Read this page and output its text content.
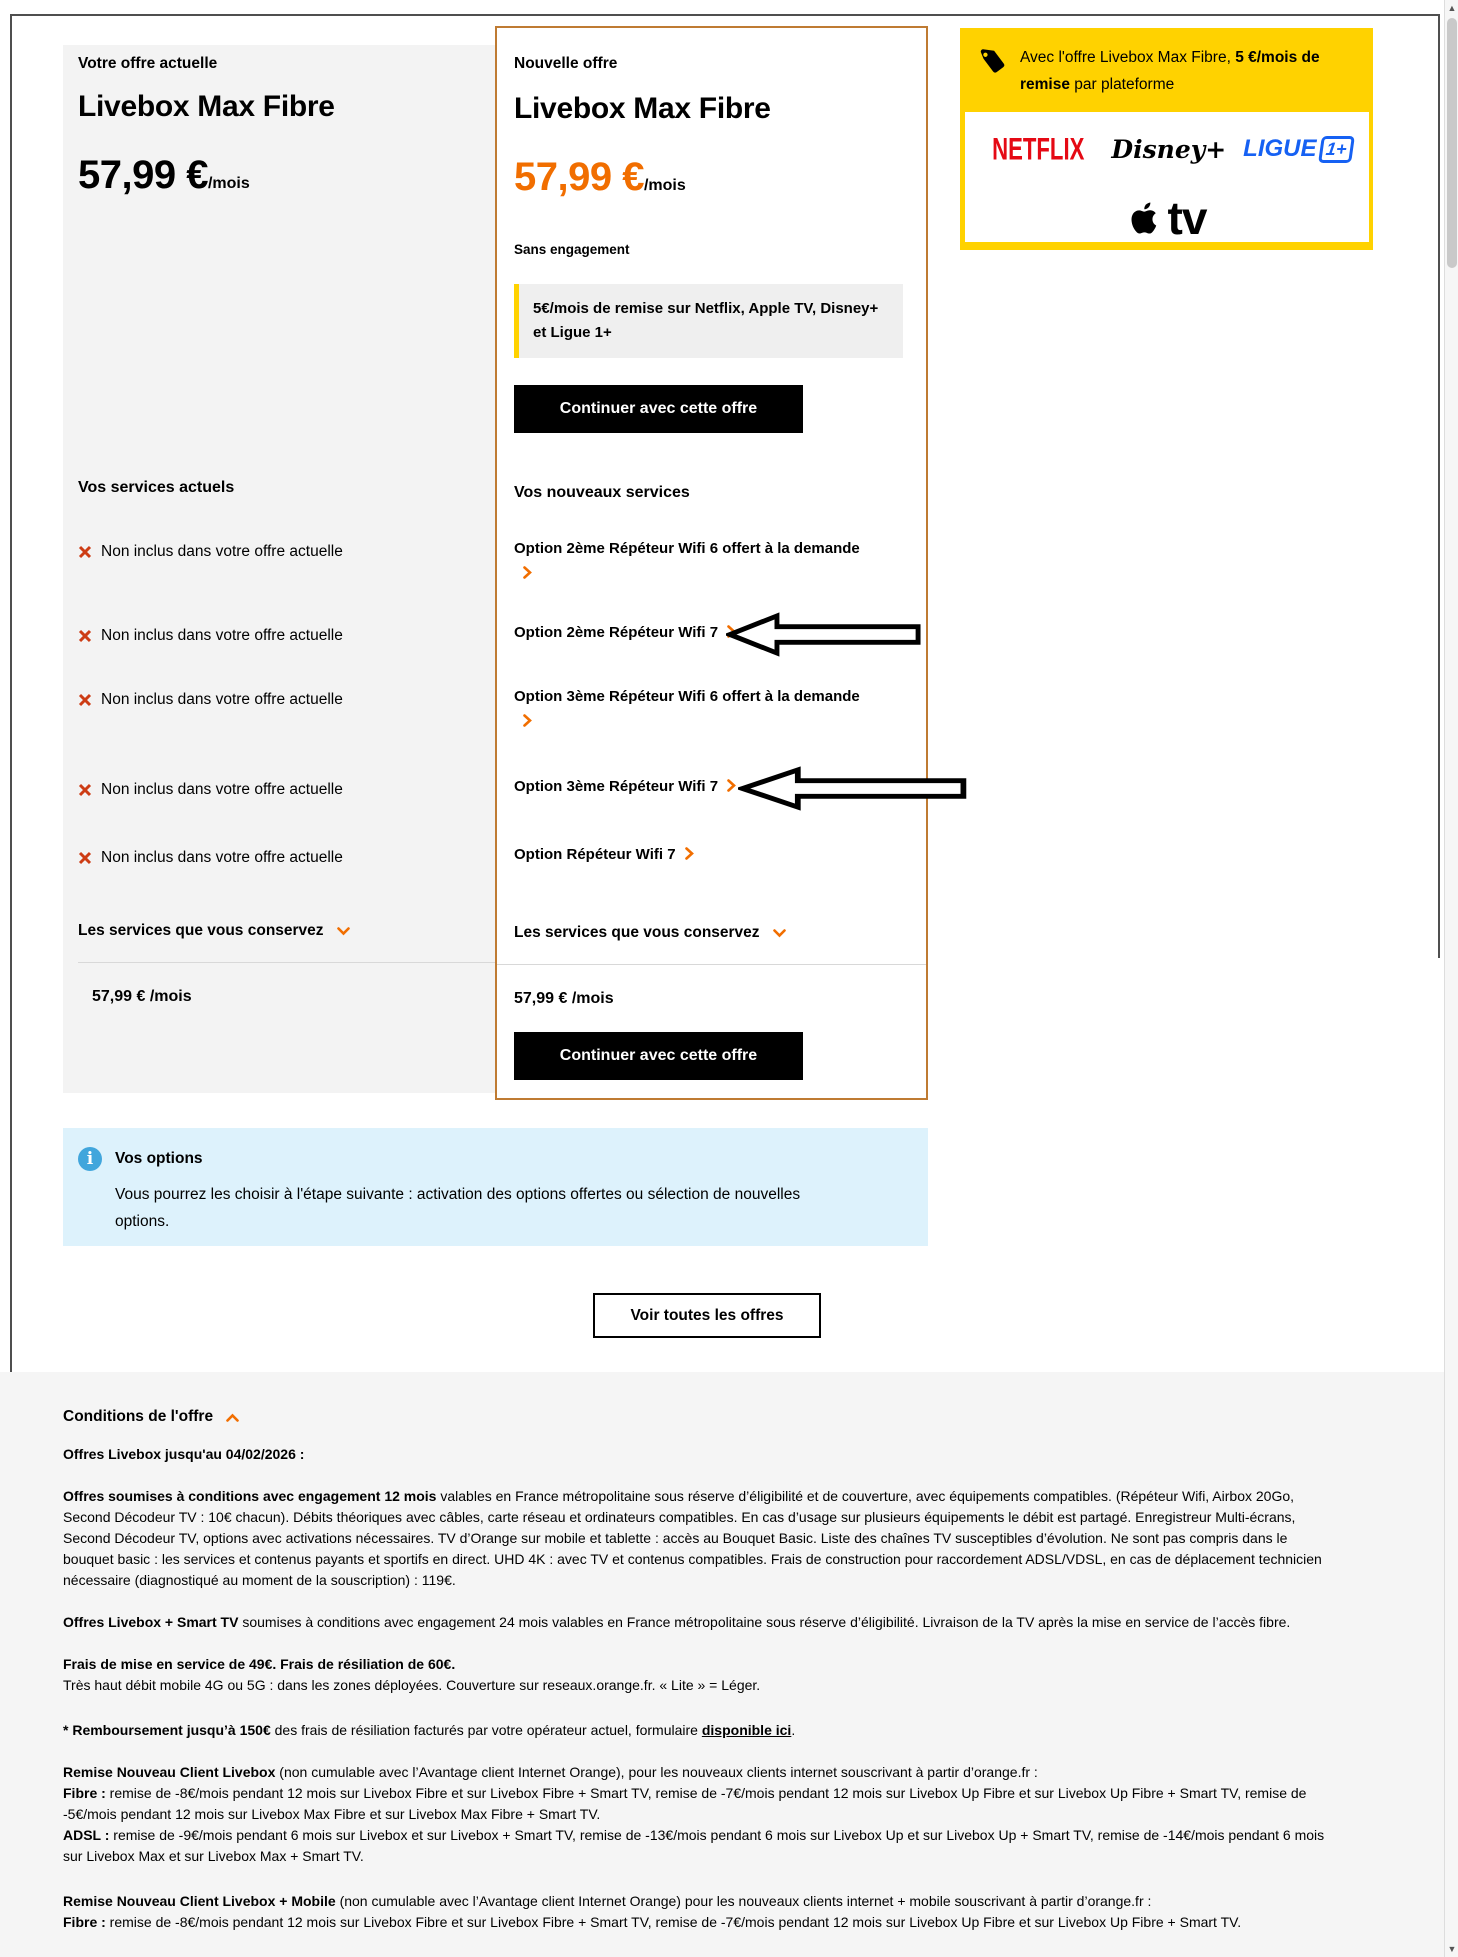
Votre offre actuelle
Livebox Max Fibre
57,99 €/mois
Vos services actuels
Non inclus dans votre offre actuelle
Non inclus dans votre offre actuelle
Non inclus dans votre offre actuelle
Non inclus dans votre offre actuelle
Non inclus dans votre offre actuelle
Les services que vous conservez
57,99 € /mois
Nouvelle offre
Livebox Max Fibre
57,99 €/mois
Sans engagement
5€/mois de remise sur Netflix, Apple TV, Disney+ et Ligue 1+
Continuer avec cette offre
Vos nouveaux services
Option 2ème Répéteur Wifi 6 offert à la demande
Option 2ème Répéteur Wifi 7
Option 3ème Répéteur Wifi 6 offert à la demande
Option 3ème Répéteur Wifi 7
Option Répéteur Wifi 7
Les services que vous conservez
57,99 € /mois
Continuer avec cette offre
Avec l'offre Livebox Max Fibre, 5 €/mois de remise par plateforme
NETFLIX Disney+ LIGUE 1+
tv
i	Vos options
Vous pourrez les choisir à l'étape suivante : activation des options offertes ou sélection de nouvelles options.
Voir toutes les offres
Conditions de l'offre

Offres Livebox jusqu'au 04/02/2026 :

Offres soumises à conditions avec engagement 12 mois valables en France métropolitaine sous réserve d’éligibilité et de couverture, avec équipements compatibles. (Répéteur Wifi, Airbox 20Go, Second Décodeur TV : 10€ chacun). Débits théoriques avec câbles, carte réseau et ordinateurs compatibles. En cas d’usage sur plusieurs équipements le débit est partagé. Enregistreur Multi-écrans, Second Décodeur TV, options avec activations nécessaires. TV d’Orange sur mobile et tablette : accès au Bouquet Basic. Liste des chaînes TV susceptibles d’évolution. Ne sont pas compris dans le bouquet basic : les services et contenus payants et sportifs en direct. UHD 4K : avec TV et contenus compatibles. Frais de construction pour raccordement ADSL/VDSL, en cas de déplacement technicien nécessaire (diagnostiqué au moment de la souscription) : 119€.

Offres Livebox + Smart TV soumises à conditions avec engagement 24 mois valables en France métropolitaine sous réserve d’éligibilité. Livraison de la TV après la mise en service de l’accès fibre.

Frais de mise en service de 49€. Frais de résiliation de 60€.
Très haut débit mobile 4G ou 5G : dans les zones déployées. Couverture sur reseaux.orange.fr. « Lite » = Léger.

* Remboursement jusqu’à 150€ des frais de résiliation facturés par votre opérateur actuel, formulaire disponible ici.

Remise Nouveau Client Livebox (non cumulable avec l’Avantage client Internet Orange), pour les nouveaux clients internet souscrivant à partir d’orange.fr :
Fibre : remise de -8€/mois pendant 12 mois sur Livebox Fibre et sur Livebox Fibre + Smart TV, remise de -7€/mois pendant 12 mois sur Livebox Up Fibre et sur Livebox Up Fibre + Smart TV, remise de -5€/mois pendant 12 mois sur Livebox Max Fibre et sur Livebox Max Fibre + Smart TV.
ADSL : remise de -9€/mois pendant 6 mois sur Livebox et sur Livebox + Smart TV, remise de -13€/mois pendant 6 mois sur Livebox Up et sur Livebox Up + Smart TV, remise de -14€/mois pendant 6 mois sur Livebox Max et sur Livebox Max + Smart TV.

Remise Nouveau Client Livebox + Mobile (non cumulable avec l’Avantage client Internet Orange) pour les nouveaux clients internet + mobile souscrivant à partir d’orange.fr :
Fibre : remise de -8€/mois pendant 12 mois sur Livebox Fibre et sur Livebox Fibre + Smart TV, remise de -7€/mois pendant 12 mois sur Livebox Up Fibre et sur Livebox Up Fibre + Smart TV.

▲
▼
